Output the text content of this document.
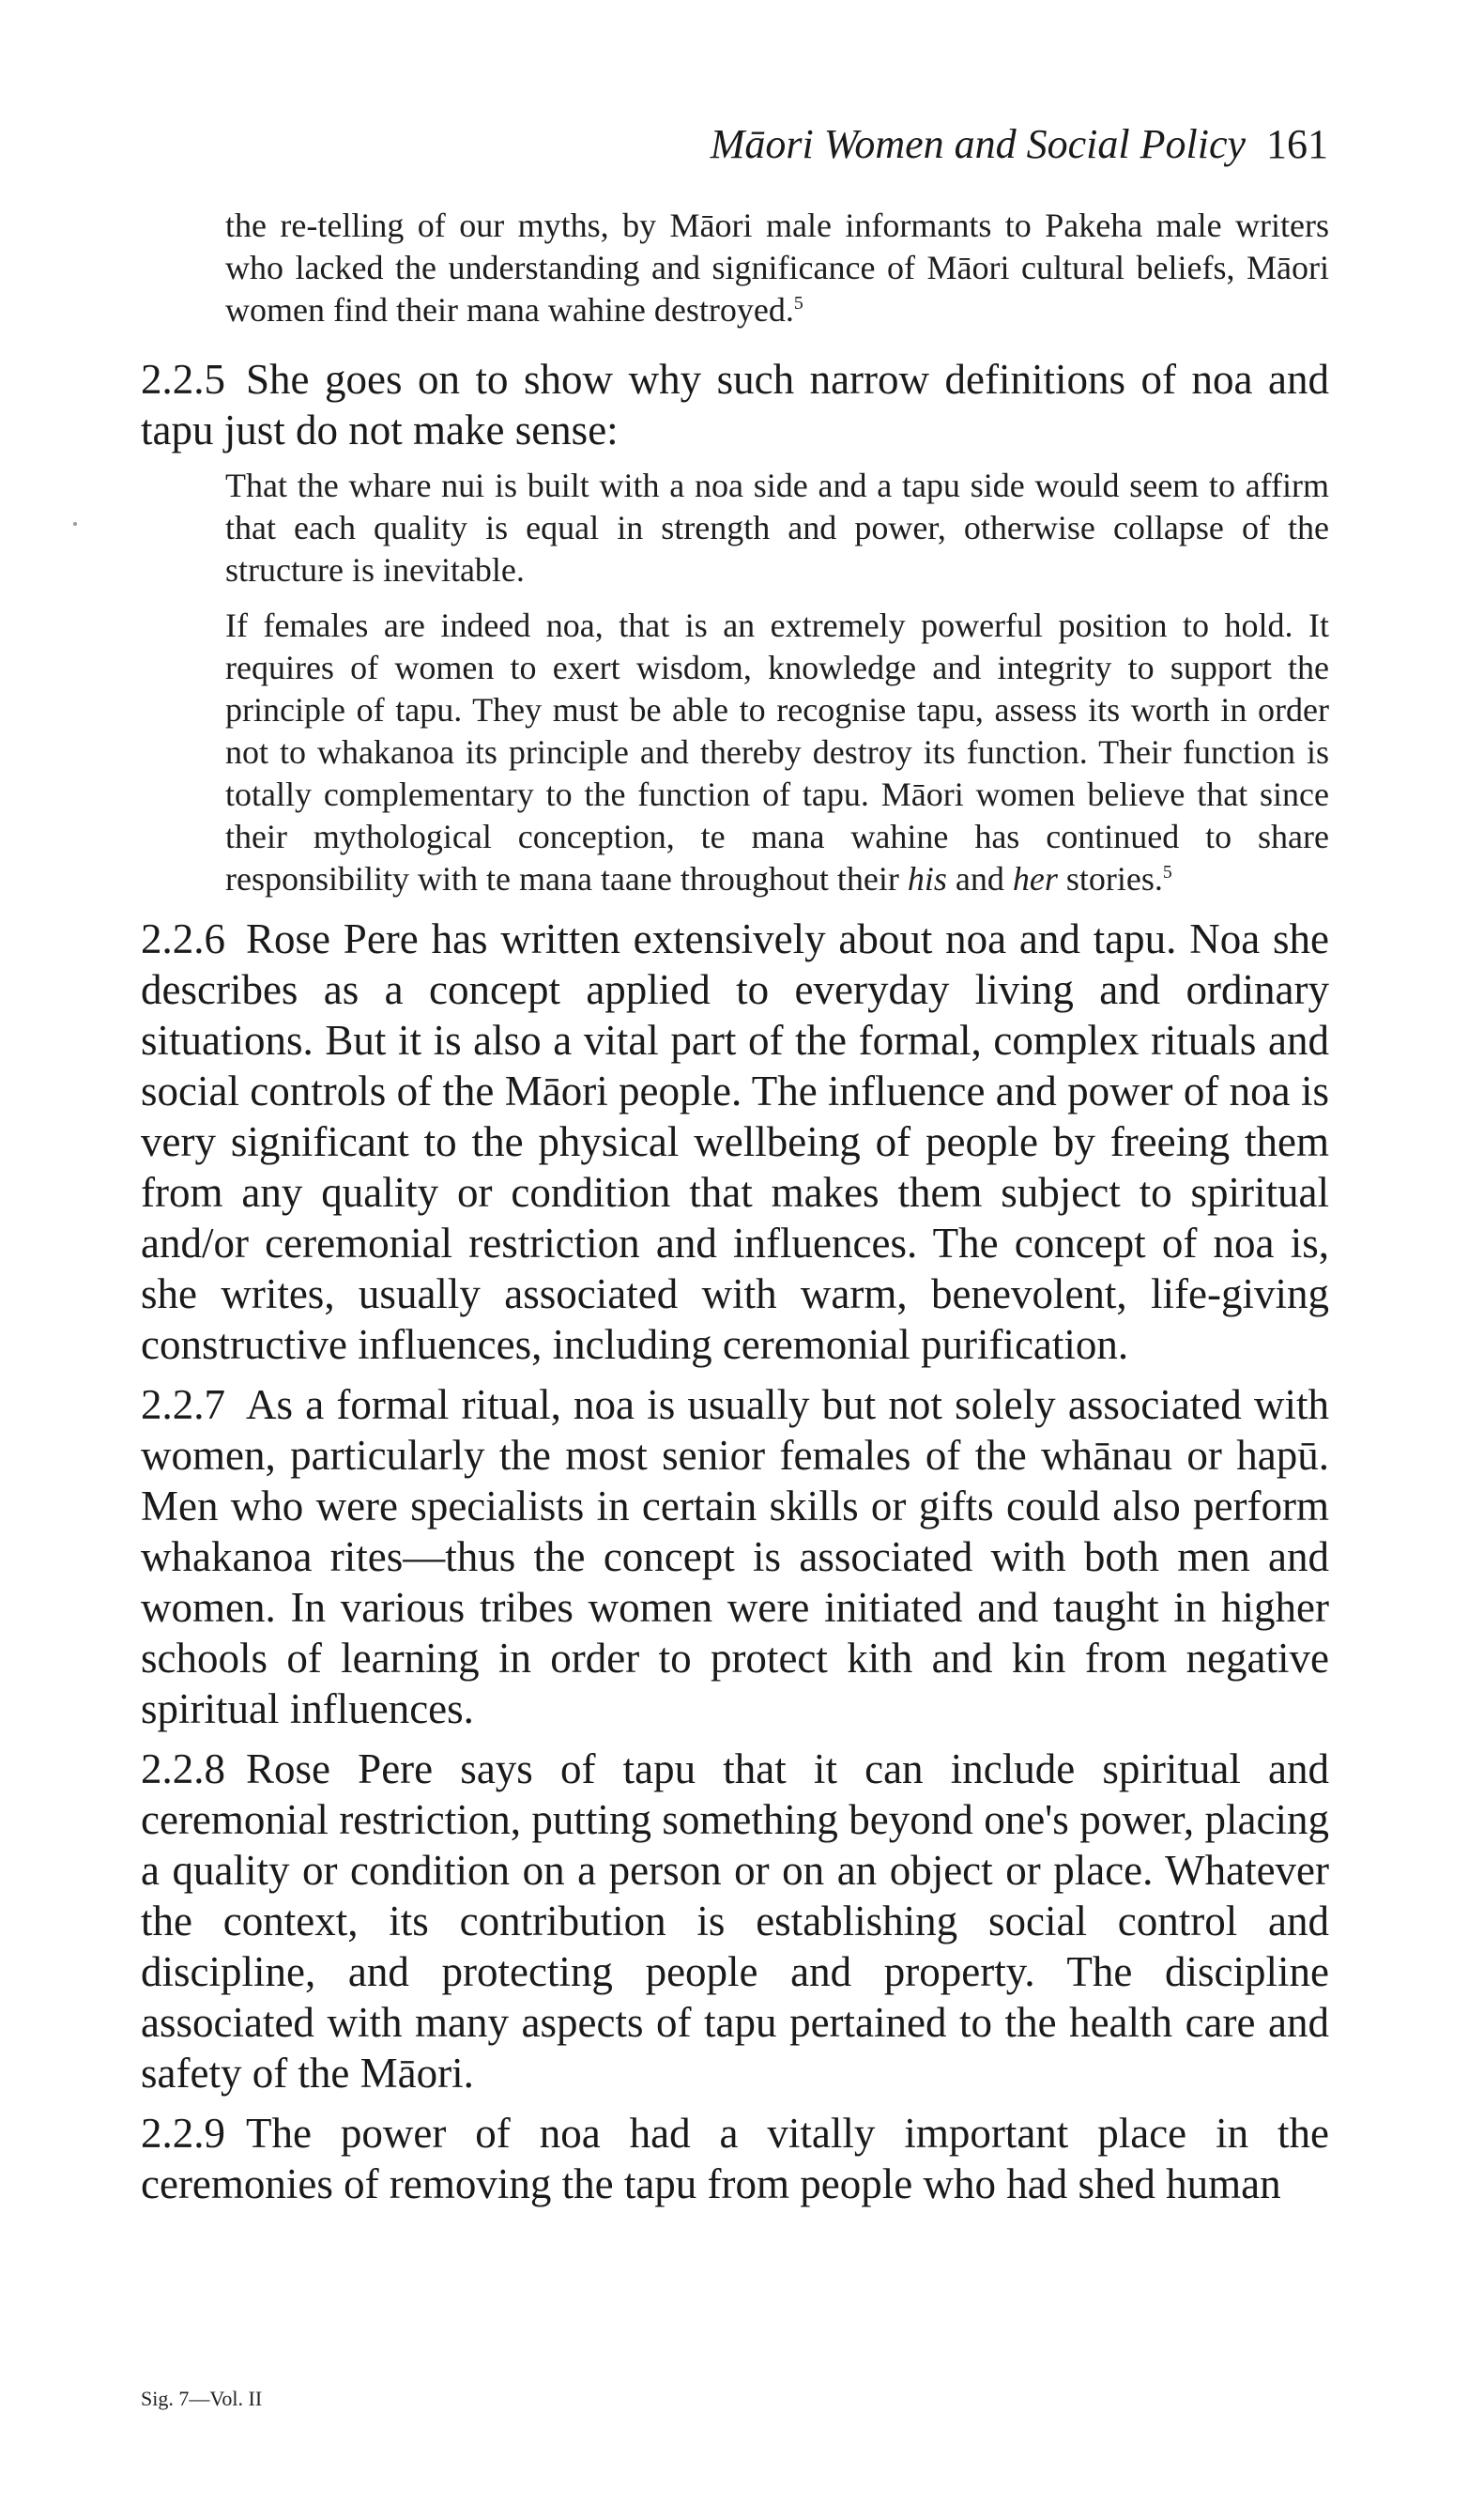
Māori Women and Social Policy 161

the re-telling of our myths, by Māori male informants to Pakeha male writers who lacked the understanding and significance of Māori cultural beliefs, Māori women find their mana wahine destroyed.$^5$

2.2.5 She goes on to show why such narrow definitions of noa and tapu just do not make sense:

That the whare nui is built with a noa side and a tapu side would seem to affirm that each quality is equal in strength and power, otherwise collapse of the structure is inevitable.

If females are indeed noa, that is an extremely powerful position to hold. It requires of women to exert wisdom, knowledge and integrity to support the principle of tapu. They must be able to recognise tapu, assess its worth in order not to whakanoa its principle and thereby destroy its function. Their function is totally complementary to the function of tapu. Māori women believe that since their mythological conception, te mana wahine has continued to share responsibility with te mana taane throughout their his and her stories.$^5$

2.2.6 Rose Pere has written extensively about noa and tapu. Noa she describes as a concept applied to everyday living and ordinary situations. But it is also a vital part of the formal, complex rituals and social controls of the Māori people. The influence and power of noa is very significant to the physical wellbeing of people by freeing them from any quality or condition that makes them subject to spiritual and/or ceremonial restriction and influences. The concept of noa is, she writes, usually associated with warm, benevolent, life-giving constructive influences, including ceremonial purification.

2.2.7 As a formal ritual, noa is usually but not solely associated with women, particularly the most senior females of the whānau or hapū. Men who were specialists in certain skills or gifts could also perform whakanoa rites—thus the concept is associated with both men and women. In various tribes women were initiated and taught in higher schools of learning in order to protect kith and kin from negative spiritual influences.

2.2.8 Rose Pere says of tapu that it can include spiritual and ceremonial restriction, putting something beyond one's power, placing a quality or condition on a person or on an object or place. Whatever the context, its contribution is establishing social control and discipline, and protecting people and property. The discipline associated with many aspects of tapu pertained to the health care and safety of the Māori.

2.2.9 The power of noa had a vitally important place in the ceremonies of removing the tapu from people who had shed human

Sig. 7—Vol. II
